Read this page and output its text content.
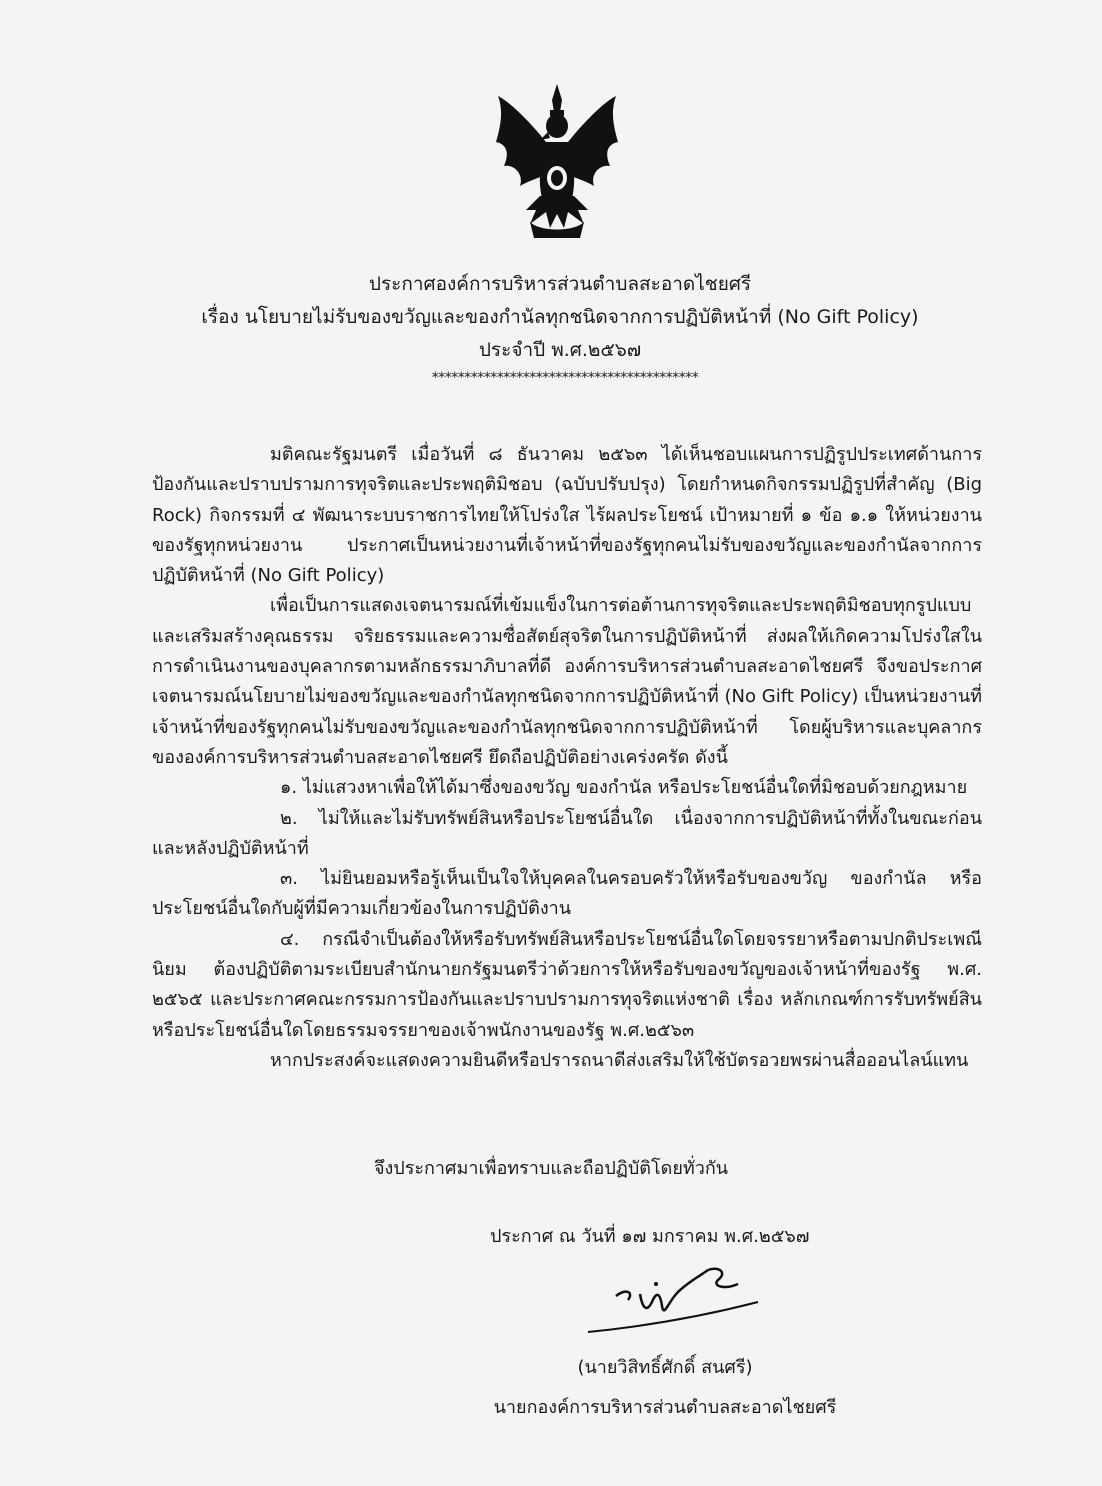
ประกาศองค์การบริหารส่วนตำบลสะอาดไชยศรี
เรื่อง นโยบายไม่รับของขวัญและของกำนัลทุกชนิดจากการปฏิบัติหน้าที่ (No Gift Policy)
ประจำปี พ.ศ.๒๕๖๗
*****************************************

มติคณะรัฐมนตรี เมื่อวันที่ ๘ ธันวาคม ๒๕๖๓ ได้เห็นชอบแผนการปฏิรูปประเทศด้านการป้องกันและปราบปรามการทุจริตและประพฤติมิชอบ (ฉบับปรับปรุง) โดยกำหนดกิจกรรมปฏิรูปที่สำคัญ (Big Rock) กิจกรรมที่ ๔ พัฒนาระบบราชการไทยให้โปร่งใส ไร้ผลประโยชน์ เป้าหมายที่ ๑ ข้อ ๑.๑ ให้หน่วยงานของรัฐทุกหน่วยงาน ประกาศเป็นหน่วยงานที่เจ้าหน้าที่ของรัฐทุกคนไม่รับของขวัญและของกำนัลจากการปฏิบัติหน้าที่ (No Gift Policy)

เพื่อเป็นการแสดงเจตนารมณ์ที่เข้มแข็งในการต่อต้านการทุจริตและประพฤติมิชอบทุกรูปแบบและเสริมสร้างคุณธรรม จริยธรรมและความซื่อสัตย์สุจริตในการปฏิบัติหน้าที่ ส่งผลให้เกิดความโปร่งใสในการดำเนินงานของบุคลากรตามหลักธรรมาภิบาลที่ดี องค์การบริหารส่วนตำบลสะอาดไชยศรี จึงขอประกาศเจตนารมณ์นโยบายไม่ของขวัญและของกำนัลทุกชนิดจากการปฏิบัติหน้าที่ (No Gift Policy) เป็นหน่วยงานที่เจ้าหน้าที่ของรัฐทุกคนไม่รับของขวัญและของกำนัลทุกชนิดจากการปฏิบัติหน้าที่ โดยผู้บริหารและบุคลากรขององค์การบริหารส่วนตำบลสะอาดไชยศรี ยึดถือปฏิบัติอย่างเคร่งครัด ดังนี้

๑. ไม่แสวงหาเพื่อให้ได้มาซึ่งของขวัญ ของกำนัล หรือประโยชน์อื่นใดที่มิชอบด้วยกฎหมาย

๒. ไม่ให้และไม่รับทรัพย์สินหรือประโยชน์อื่นใด เนื่องจากการปฏิบัติหน้าที่ทั้งในขณะก่อนและหลังปฏิบัติหน้าที่

๓. ไม่ยินยอมหรือรู้เห็นเป็นใจให้บุคคลในครอบครัวให้หรือรับของขวัญ ของกำนัล หรือประโยชน์อื่นใดกับผู้ที่มีความเกี่ยวข้องในการปฏิบัติงาน

๔. กรณีจำเป็นต้องให้หรือรับทรัพย์สินหรือประโยชน์อื่นใดโดยจรรยาหรือตามปกติประเพณีนิยม ต้องปฏิบัติตามระเบียบสำนักนายกรัฐมนตรีว่าด้วยการให้หรือรับของขวัญของเจ้าหน้าที่ของรัฐ พ.ศ. ๒๕๖๕ และประกาศคณะกรรมการป้องกันและปราบปรามการทุจริตแห่งชาติ เรื่อง หลักเกณฑ์การรับทรัพย์สินหรือประโยชน์อื่นใดโดยธรรมจรรยาของเจ้าพนักงานของรัฐ พ.ศ.๒๕๖๓

หากประสงค์จะแสดงความยินดีหรือปรารถนาดีส่งเสริมให้ใช้บัตรอวยพรผ่านสื่อออนไลน์แทน

จึงประกาศมาเพื่อทราบและถือปฏิบัติโดยทั่วกัน
ประกาศ ณ วันที่ ๑๗ มกราคม พ.ศ.๒๕๖๗
(นายวิสิทธิ์ศักดิ์ สนศรี)
นายกองค์การบริหารส่วนตำบลสะอาดไชยศรี
